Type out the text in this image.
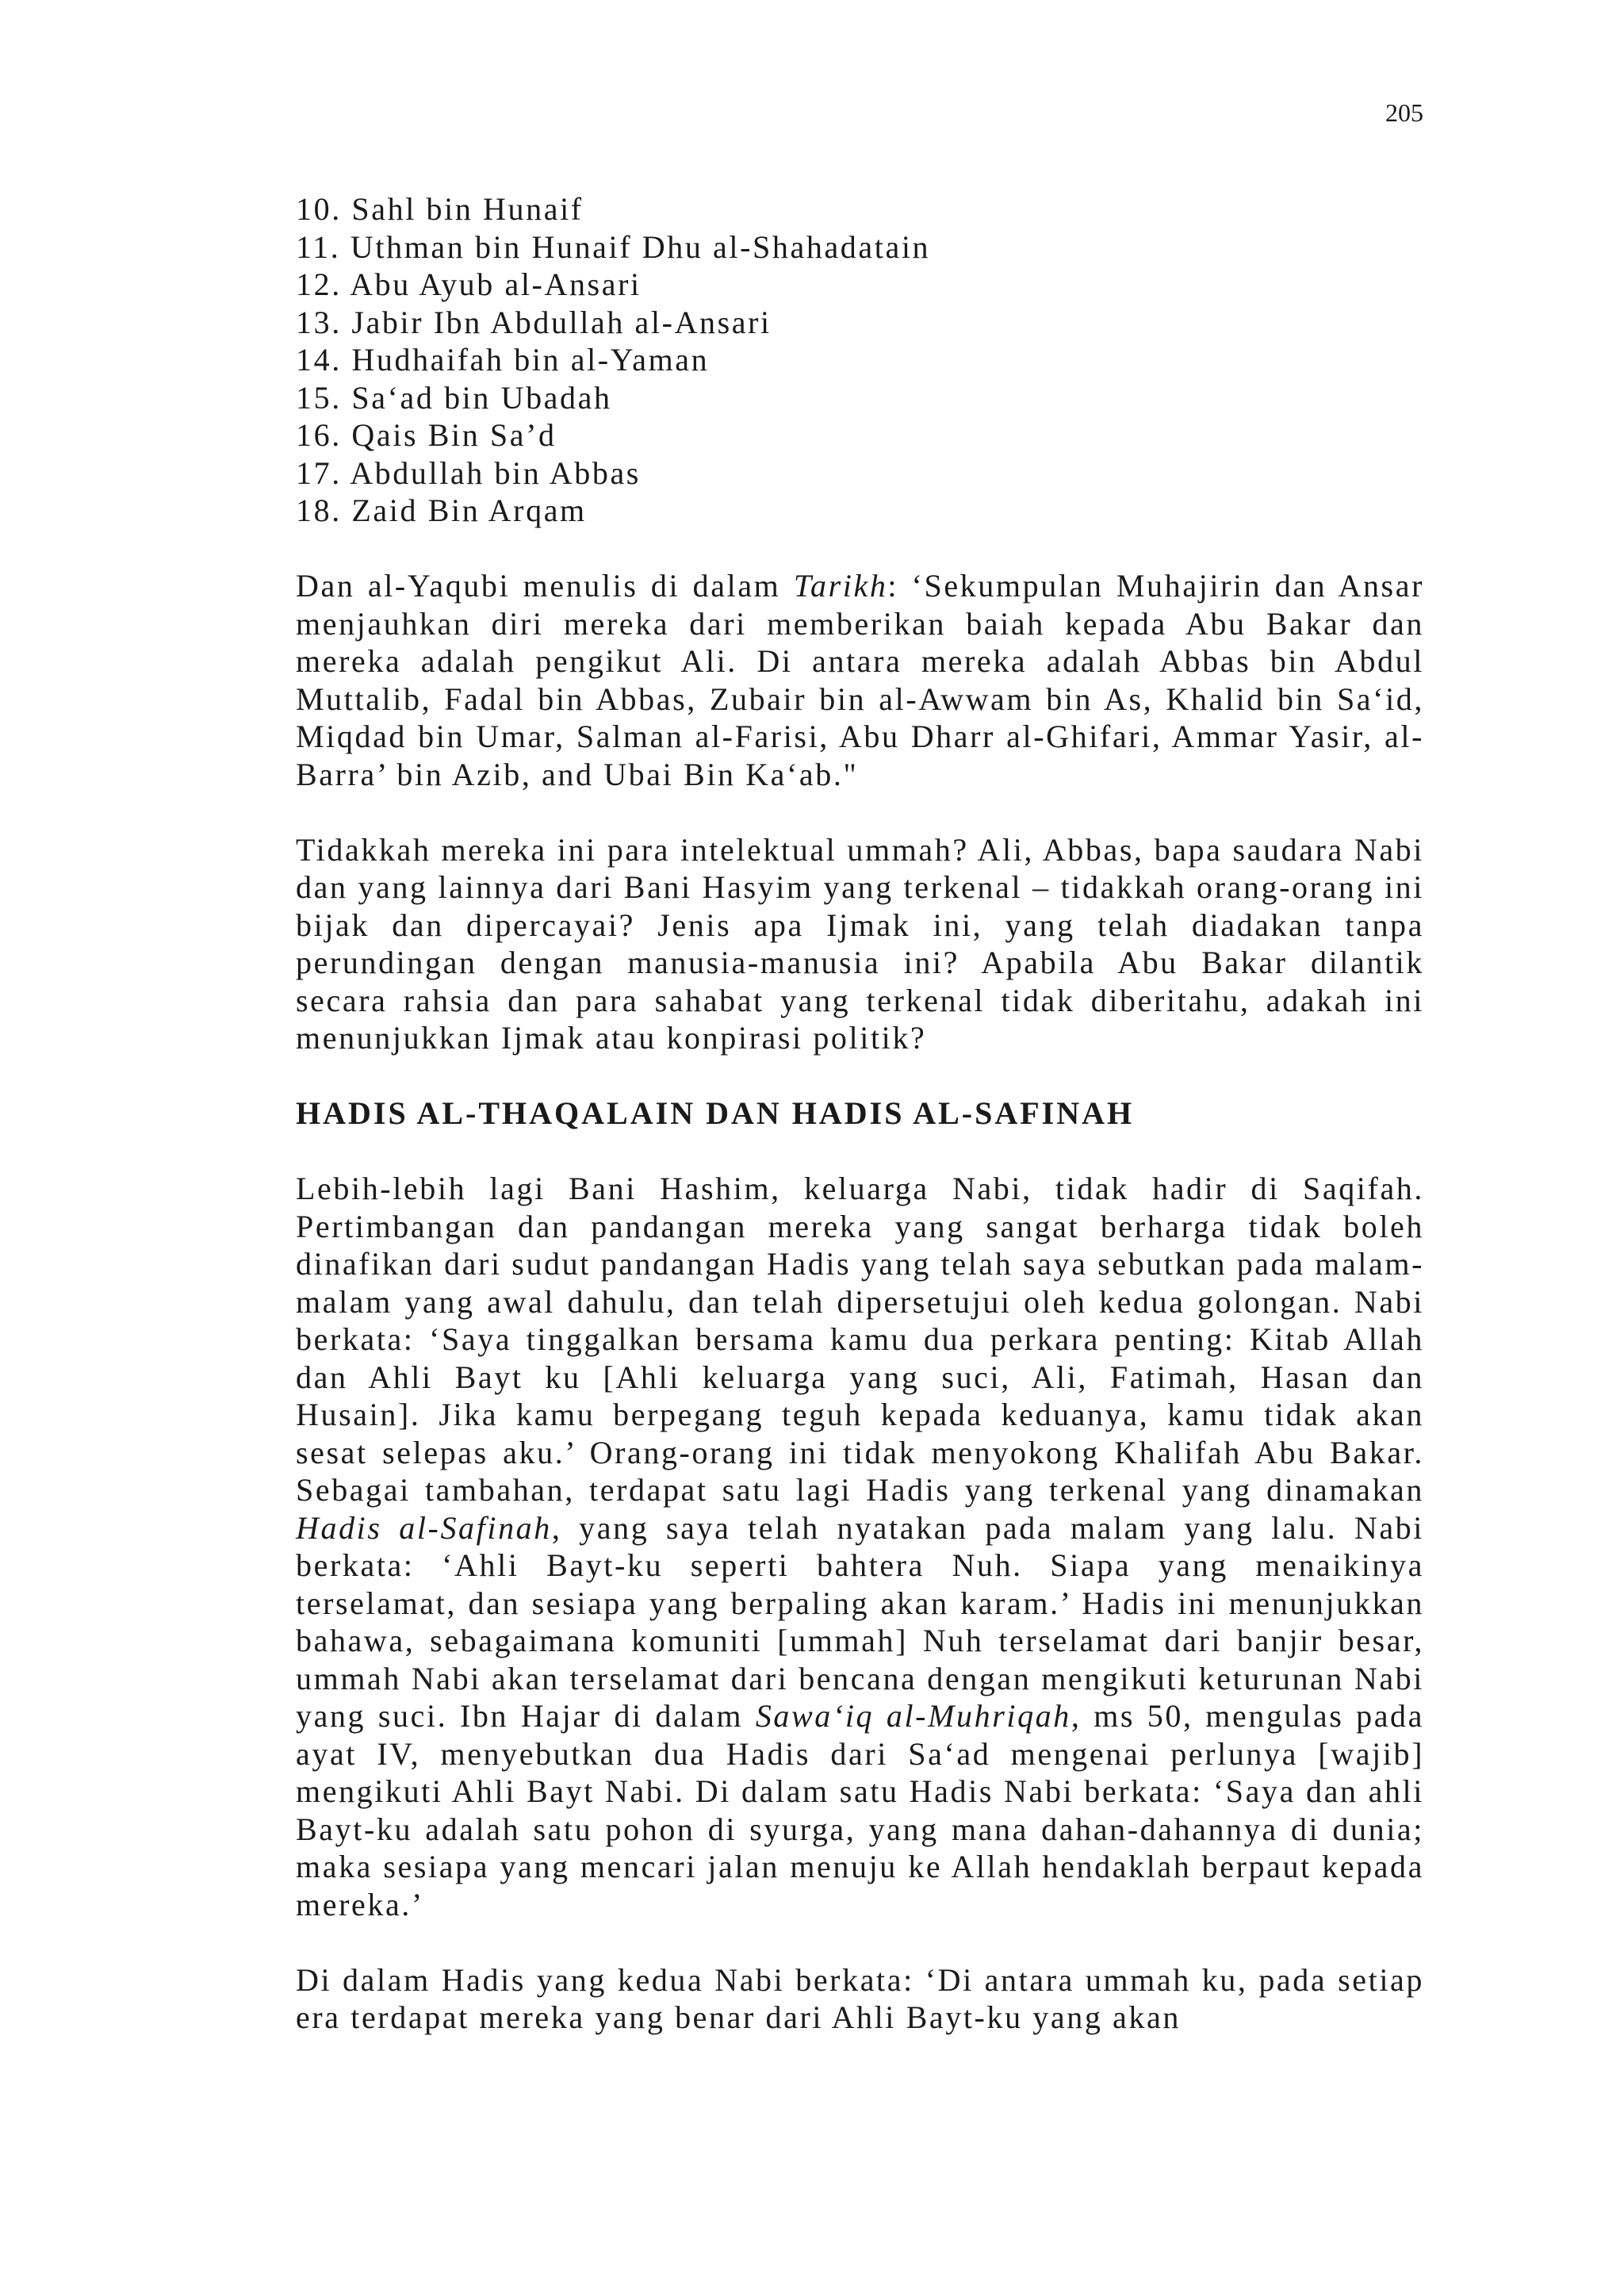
205
10. Sahl bin Hunaif
11. Uthman bin Hunaif Dhu al-Shahadatain
12. Abu Ayub al-Ansari
13. Jabir Ibn Abdullah al-Ansari
14. Hudhaifah bin al-Yaman
15. Sa‘ad bin Ubadah
16. Qais Bin Sa’d
17. Abdullah bin Abbas
18. Zaid Bin Arqam

Dan al-Yaqubi menulis di dalam Tarikh: ‘Sekumpulan Muhajirin dan Ansar menjauhkan diri mereka dari memberikan baiah kepada Abu Bakar dan mereka adalah pengikut Ali. Di antara mereka adalah Abbas bin Abdul Muttalib, Fadal bin Abbas, Zubair bin al-Awwam bin As, Khalid bin Sa‘id, Miqdad bin Umar, Salman al-Farisi, Abu Dharr al-Ghifari, Ammar Yasir, al-Barra’ bin Azib, and Ubai Bin Ka‘ab."

Tidakkah mereka ini para intelektual ummah? Ali, Abbas, bapa saudara Nabi dan yang lainnya dari Bani Hasyim yang terkenal – tidakkah orang-orang ini bijak dan dipercayai? Jenis apa Ijmak ini, yang telah diadakan tanpa perundingan dengan manusia-manusia ini? Apabila Abu Bakar dilantik secara rahsia dan para sahabat yang terkenal tidak diberitahu, adakah ini menunjukkan Ijmak atau konpirasi politik?

HADIS AL-THAQALAIN DAN HADIS AL-SAFINAH

Lebih-lebih lagi Bani Hashim, keluarga Nabi, tidak hadir di Saqifah. Pertimbangan dan pandangan mereka yang sangat berharga tidak boleh dinafikan dari sudut pandangan Hadis yang telah saya sebutkan pada malam-malam yang awal dahulu, dan telah dipersetujui oleh kedua golongan. Nabi berkata: ‘Saya tinggalkan bersama kamu dua perkara penting: Kitab Allah dan Ahli Bayt ku [Ahli keluarga yang suci, Ali, Fatimah, Hasan dan Husain]. Jika kamu berpegang teguh kepada keduanya, kamu tidak akan sesat selepas aku.’ Orang-orang ini tidak menyokong Khalifah Abu Bakar. Sebagai tambahan, terdapat satu lagi Hadis yang terkenal yang dinamakan Hadis al-Safinah, yang saya telah nyatakan pada malam yang lalu. Nabi berkata: ‘Ahli Bayt-ku seperti bahtera Nuh. Siapa yang menaikinya terselamat, dan sesiapa yang berpaling akan karam.’ Hadis ini menunjukkan bahawa, sebagaimana komuniti [ummah] Nuh terselamat dari banjir besar, ummah Nabi akan terselamat dari bencana dengan mengikuti keturunan Nabi yang suci. Ibn Hajar di dalam Sawa‘iq al-Muhriqah, ms 50, mengulas pada ayat IV, menyebutkan dua Hadis dari Sa‘ad mengenai perlunya [wajib] mengikuti Ahli Bayt Nabi. Di dalam satu Hadis Nabi berkata: ‘Saya dan ahli Bayt-ku adalah satu pohon di syurga, yang mana dahan-dahannya di dunia; maka sesiapa yang mencari jalan menuju ke Allah hendaklah berpaut kepada mereka.’

Di dalam Hadis yang kedua Nabi berkata: ‘Di antara ummah ku, pada setiap era terdapat mereka yang benar dari Ahli Bayt-ku yang akan
